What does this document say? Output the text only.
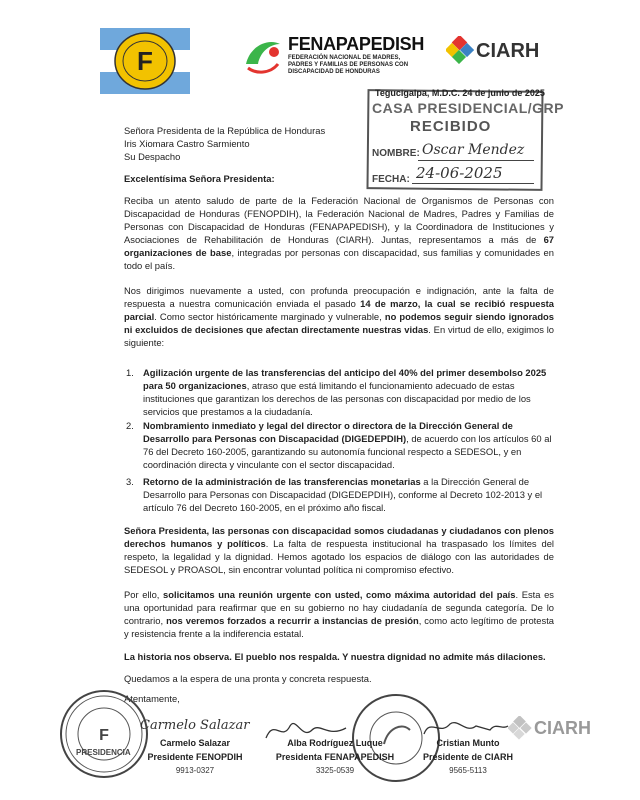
F
FENAPAPEDISH
FEDERACIÓN NACIONAL DE MADRES, PADRES Y FAMILIAS DE PERSONAS CON DISCAPACIDAD DE HONDURAS
CIARH
Tegucigalpa, M.D.C. 24 de junio de 2025
CASA PRESIDENCIAL/GRP
RECIBIDO
NOMBRE: Oscar Mendez
FECHA: 24-06-2025
Señora Presidenta de la República de Honduras
Iris Xiomara Castro Sarmiento
Su Despacho
Excelentísima Señora Presidenta:
Reciba un atento saludo de parte de la Federación Nacional de Organismos de Personas con Discapacidad de Honduras (FENOPDIH), la Federación Nacional de Madres, Padres y Familias de Personas con Discapacidad de Honduras (FENAPAPEDISH), y la Coordinadora de Instituciones y Asociaciones de Rehabilitación de Honduras (CIARH). Juntas, representamos a más de 67 organizaciones de base, integradas por personas con discapacidad, sus familias y comunidades en todo el país.
Nos dirigimos nuevamente a usted, con profunda preocupación e indignación, ante la falta de respuesta a nuestra comunicación enviada el pasado 14 de marzo, la cual se recibió respuesta parcial. Como sector históricamente marginado y vulnerable, no podemos seguir siendo ignorados ni excluidos de decisiones que afectan directamente nuestras vidas. En virtud de ello, exigimos lo siguiente:
1. Agilización urgente de las transferencias del anticipo del 40% del primer desembolso 2025 para 50 organizaciones, atraso que está limitando el funcionamiento adecuado de estas instituciones que garantizan los derechos de las personas con discapacidad por medio de los servicios que prestamos a la ciudadanía.
2. Nombramiento inmediato y legal del director o directora de la Dirección General de Desarrollo para Personas con Discapacidad (DIGEDEPDIH), de acuerdo con los artículos 60 al 76 del Decreto 160-2005, garantizando su autonomía funcional respecto a SEDESOL, y en coordinación directa y vinculante con el sector discapacidad.
3. Retorno de la administración de las transferencias monetarias a la Dirección General de Desarrollo para Personas con Discapacidad (DIGEDEPDIH), conforme al Decreto 102-2013 y el artículo 76 del Decreto 160-2005, en el próximo año fiscal.
Señora Presidenta, las personas con discapacidad somos ciudadanas y ciudadanos con plenos derechos humanos y políticos. La falta de respuesta institucional ha traspasado los límites del respeto, la legalidad y la dignidad. Hemos agotado los espacios de diálogo con las autoridades de SEDESOL y PROASOL, sin encontrar voluntad política ni compromiso efectivo.
Por ello, solicitamos una reunión urgente con usted, como máxima autoridad del país. Esta es una oportunidad para reafirmar que en su gobierno no hay ciudadanía de segunda categoría. De lo contrario, nos veremos forzados a recurrir a instancias de presión, como acto legítimo de protesta y resistencia frente a la indiferencia estatal.
La historia nos observa. El pueblo nos respalda. Y nuestra dignidad no admite más dilaciones.
Quedamos a la espera de una pronta y concreta respuesta.
Atentamente,
F
PRESIDENCIA
Carmelo Salazar
Carmelo Salazar
Presidente FENOPDIH
9913-0327
Alba Rodríguez Luque
Presidenta FENAPAPEDISH
3325-0539
Cristian Munto
Presidente de CIARH
9565-5113
CIARH
